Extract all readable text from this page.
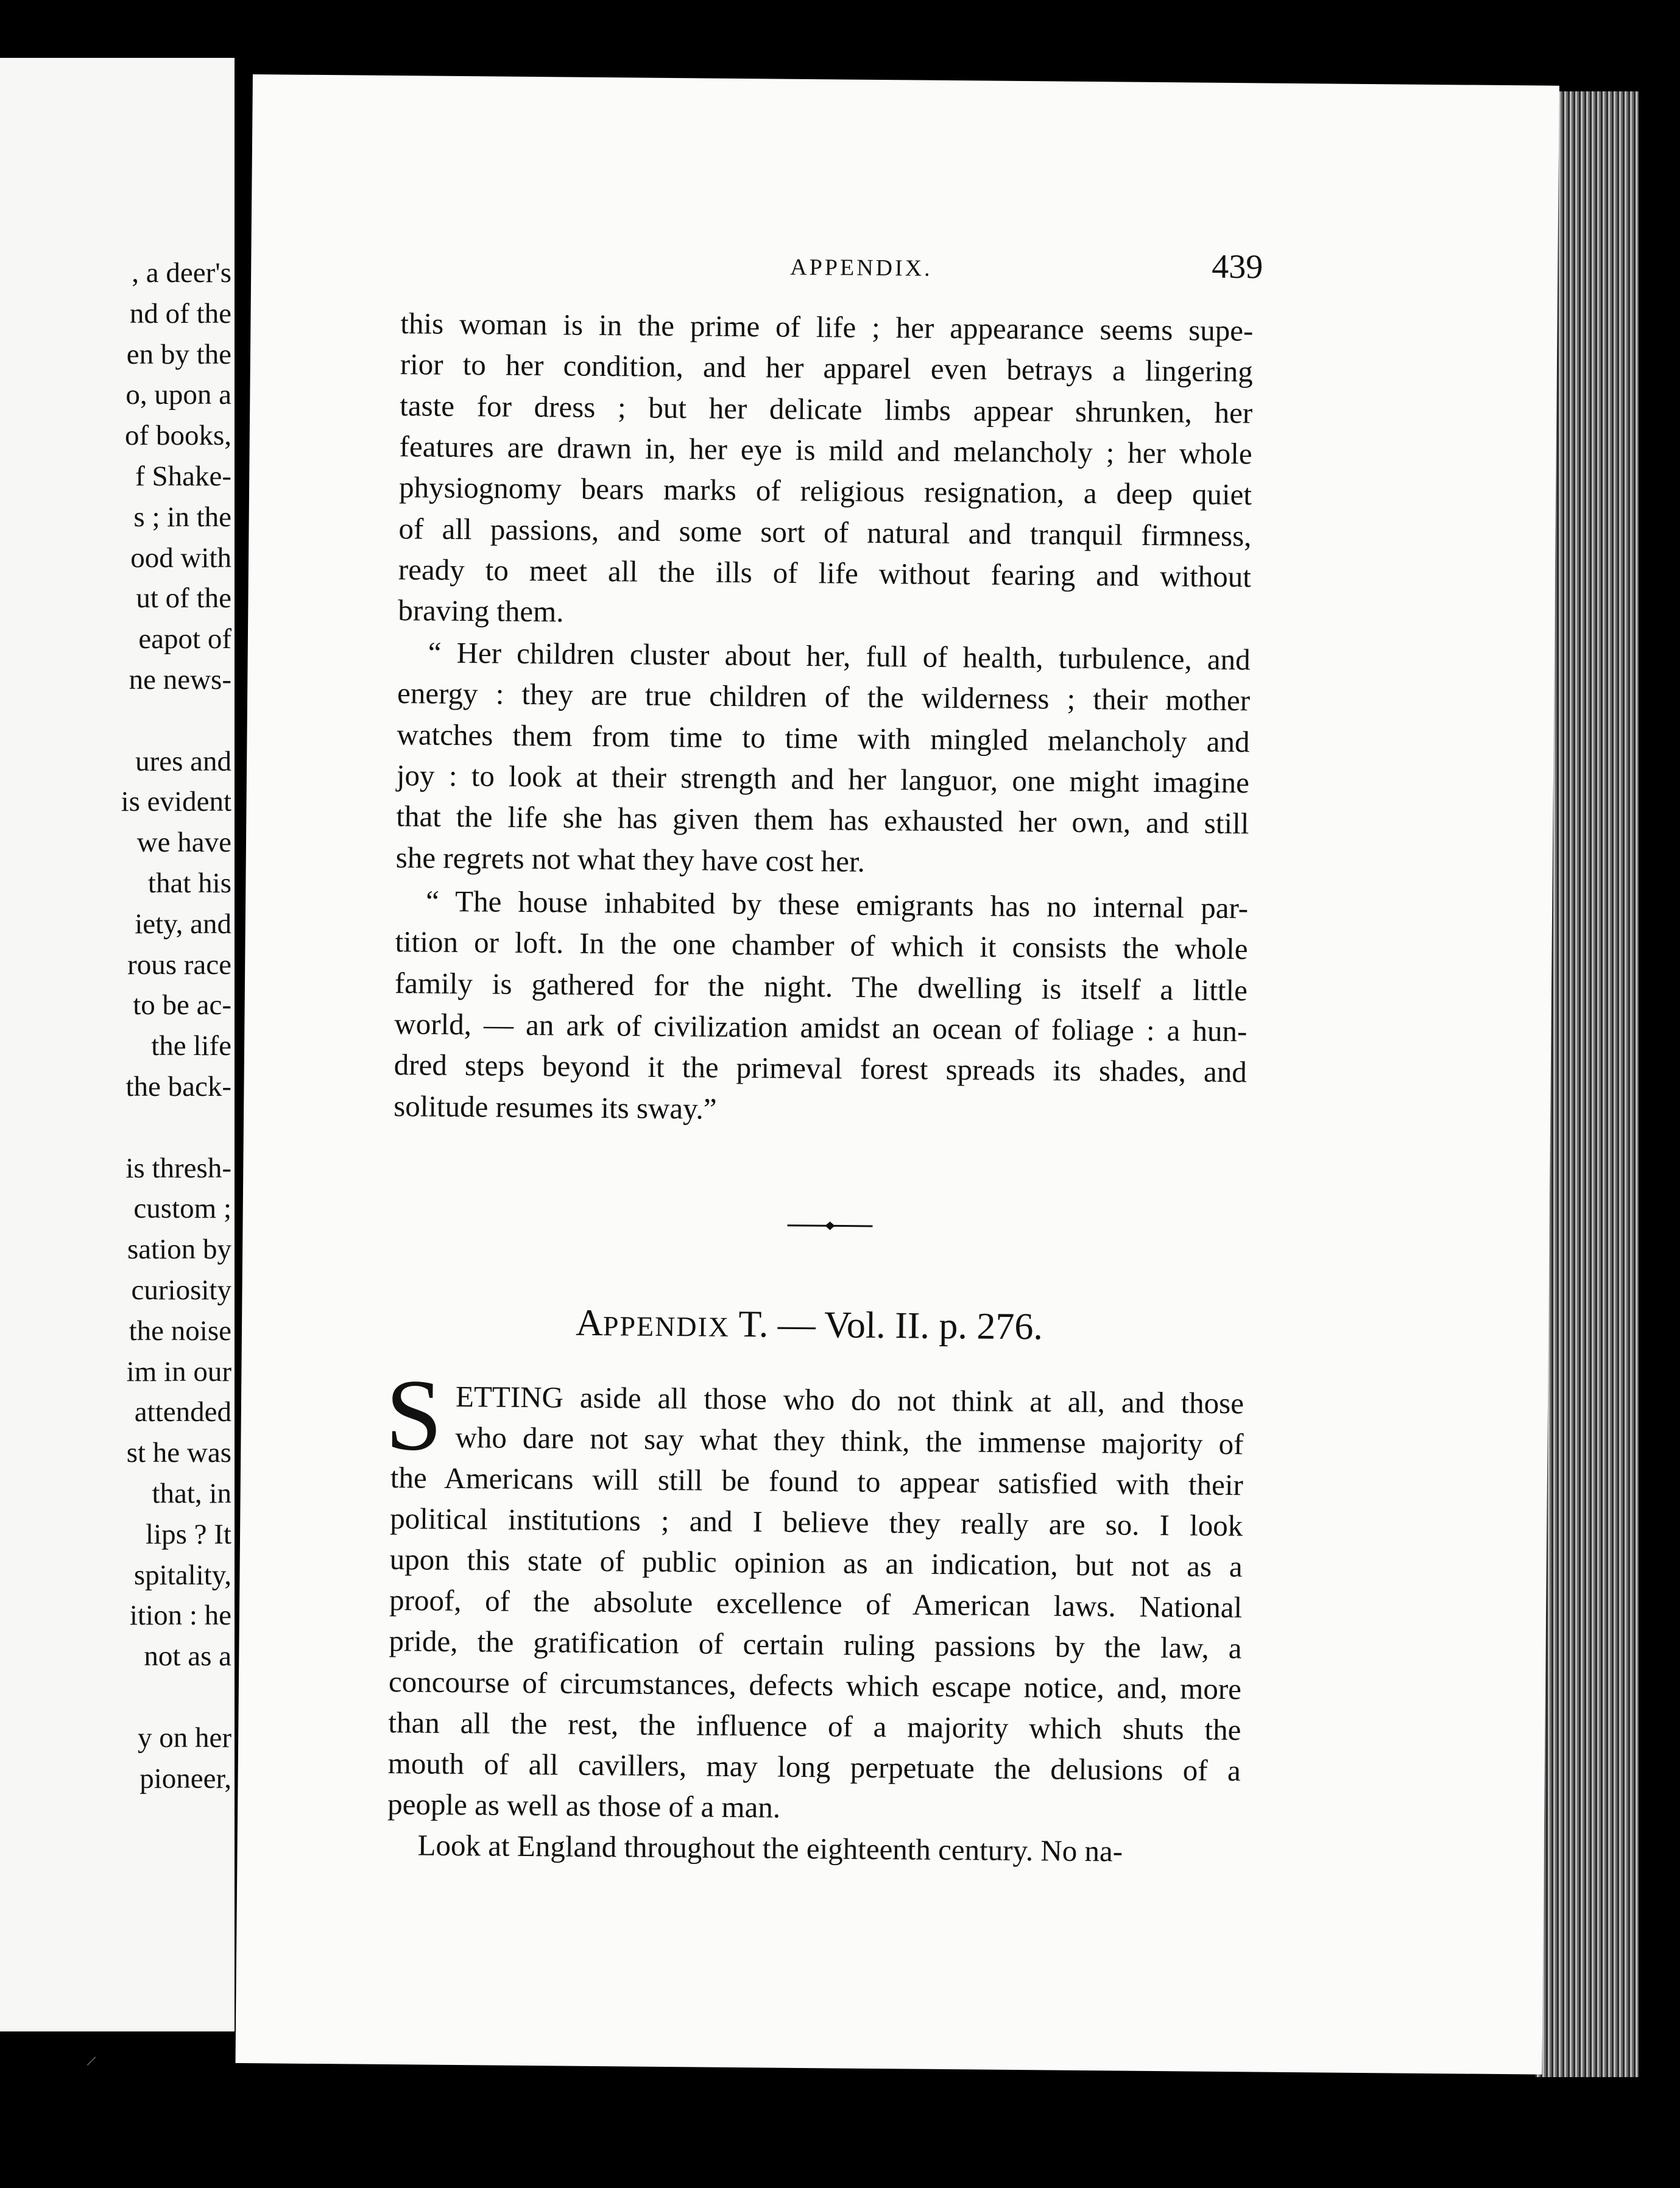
, a deer's
nd of the
en by the
o, upon a
of books,
f Shake-
s ; in the
ood with
ut of the
eapot of
ne news-
ures and
is evident
we have
that his
iety, and
rous race
to be ac-
the life
the back-
is thresh-
custom ;
sation by
curiosity
the noise
im in our
attended
st he was
that, in
lips ? It
spitality,
ition : he
not as a
y on her
pioneer,
APPENDIX.	439
APPENDIX T. — Vol. II. p. 276.
S
this woman is in the prime of life ; her appearance seems supe-
rior to her condition, and her apparel even betrays a lingering
taste for dress ; but her delicate limbs appear shrunken, her
features are drawn in, her eye is mild and melancholy ; her whole
physiognomy bears marks of religious resignation, a deep quiet
of all passions, and some sort of natural and tranquil firmness,
ready to meet all the ills of life without fearing and without
braving them.
“ Her children cluster about her, full of health, turbulence, and
energy : they are true children of the wilderness ; their mother
watches them from time to time with mingled melancholy and
joy : to look at their strength and her languor, one might imagine
that the life she has given them has exhausted her own, and still
she regrets not what they have cost her.
“ The house inhabited by these emigrants has no internal par-
tition or loft. In the one chamber of which it consists the whole
family is gathered for the night. The dwelling is itself a little
world, — an ark of civilization amidst an ocean of foliage : a hun-
dred steps beyond it the primeval forest spreads its shades, and
solitude resumes its sway.”
ETTING aside all those who do not think at all, and those
who dare not say what they think, the immense majority of
the Americans will still be found to appear satisfied with their
political institutions ; and I believe they really are so. I look
upon this state of public opinion as an indication, but not as a
proof, of the absolute excellence of American laws. National
pride, the gratification of certain ruling passions by the law, a
concourse of circumstances, defects which escape notice, and, more
than all the rest, the influence of a majority which shuts the
mouth of all cavillers, may long perpetuate the delusions of a
people as well as those of a man.
Look at England throughout the eighteenth century. No na-
⸝
